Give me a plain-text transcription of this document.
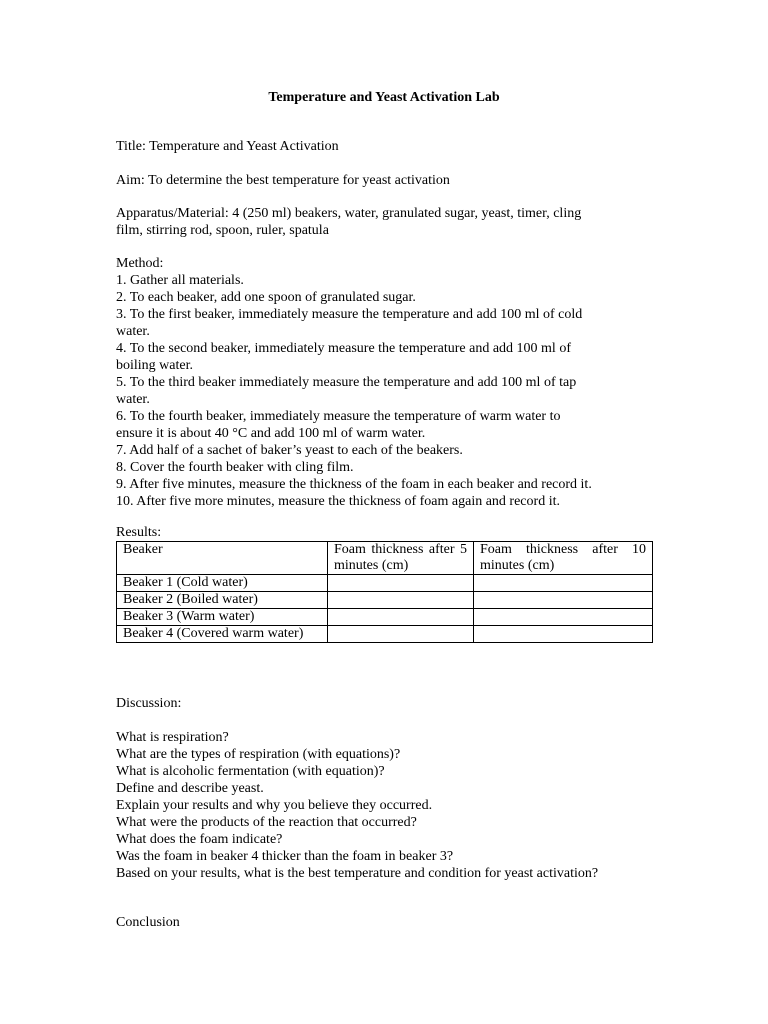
Temperature and Yeast Activation Lab
Title: Temperature and Yeast Activation
Aim: To determine the best temperature for yeast activation
Apparatus/Material: 4 (250 ml) beakers, water, granulated sugar, yeast, timer, cling
film, stirring rod, spoon, ruler, spatula
Method:
1. Gather all materials.
2. To each beaker, add one spoon of granulated sugar.
3. To the first beaker, immediately measure the temperature and add 100 ml of cold
water.
4. To the second beaker, immediately measure the temperature and add 100 ml of
boiling water.
5. To the third beaker immediately measure the temperature and add 100 ml of tap
water.
6. To the fourth beaker, immediately measure the temperature of warm water to
ensure it is about 40 °C and add 100 ml of warm water.
7. Add half of a sachet of baker’s yeast to each of the beakers.
8. Cover the fourth beaker with cling film.
9. After five minutes, measure the thickness of the foam in each beaker and record it.
10. After five more minutes, measure the thickness of foam again and record it.
Results:
Beaker	Foam thickness after 5 minutes (cm)	Foam thickness after 10 minutes (cm)
Beaker 1 (Cold water)		
Beaker 2 (Boiled water)		
Beaker 3 (Warm water)		
Beaker 4 (Covered warm water)		
Discussion:
What is respiration?
What are the types of respiration (with equations)?
What is alcoholic fermentation (with equation)?
Define and describe yeast.
Explain your results and why you believe they occurred.
What were the products of the reaction that occurred?
What does the foam indicate?
Was the foam in beaker 4 thicker than the foam in beaker 3?
Based on your results, what is the best temperature and condition for yeast activation?
Conclusion
